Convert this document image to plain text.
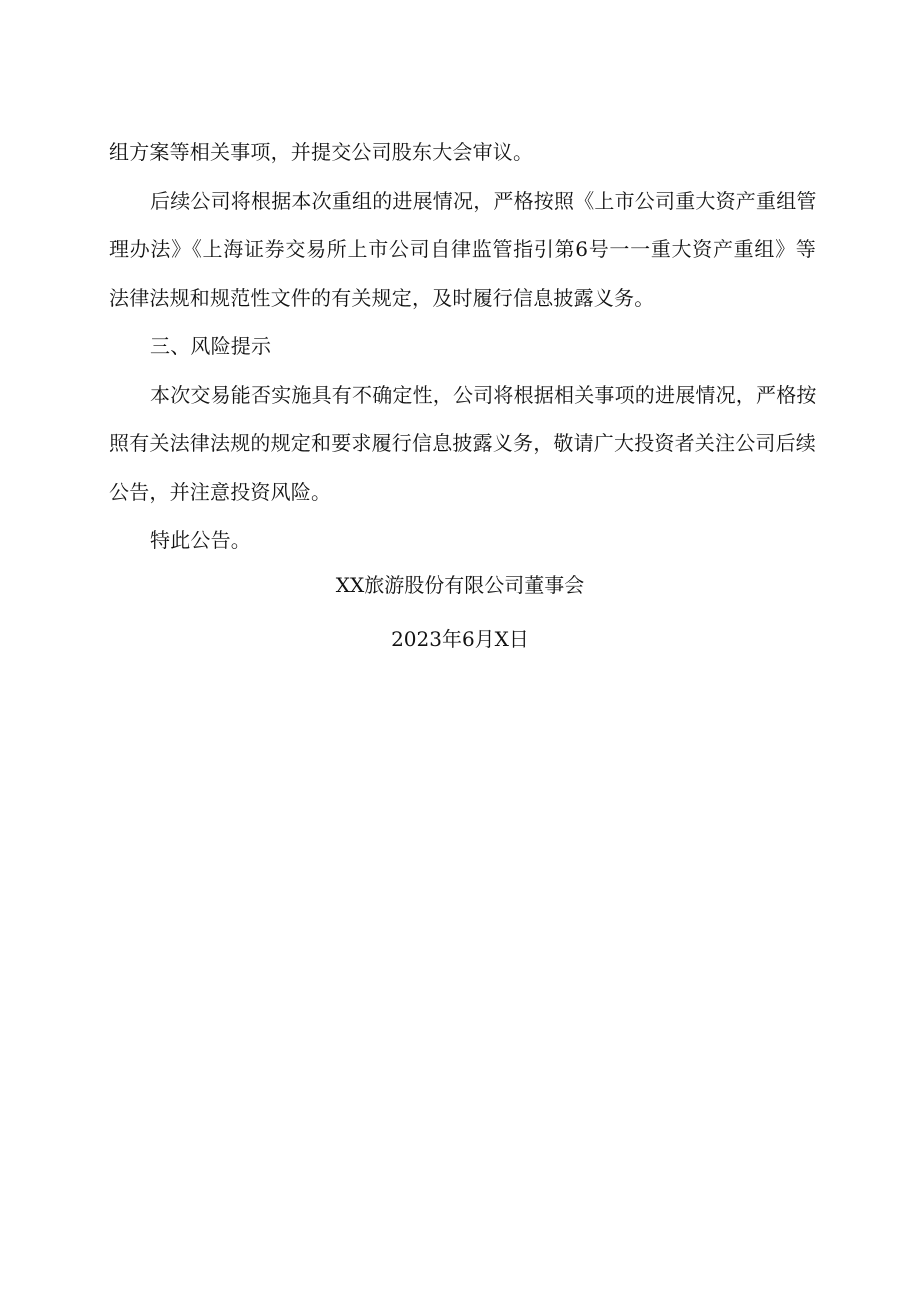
组方案等相关事项，并提交公司股东大会审议。
后续公司将根据本次重组的进展情况，严格按照《上市公司重大资产重组管
理办法》《上海证券交易所上市公司自律监管指引第6号一一重大资产重组》等
法律法规和规范性文件的有关规定，及时履行信息披露义务。
三、风险提示
本次交易能否实施具有不确定性，公司将根据相关事项的进展情况，严格按
照有关法律法规的规定和要求履行信息披露义务，敬请广大投资者关注公司后续
公告，并注意投资风险。
特此公告。
XX旅游股份有限公司董事会
2023年6月X日
